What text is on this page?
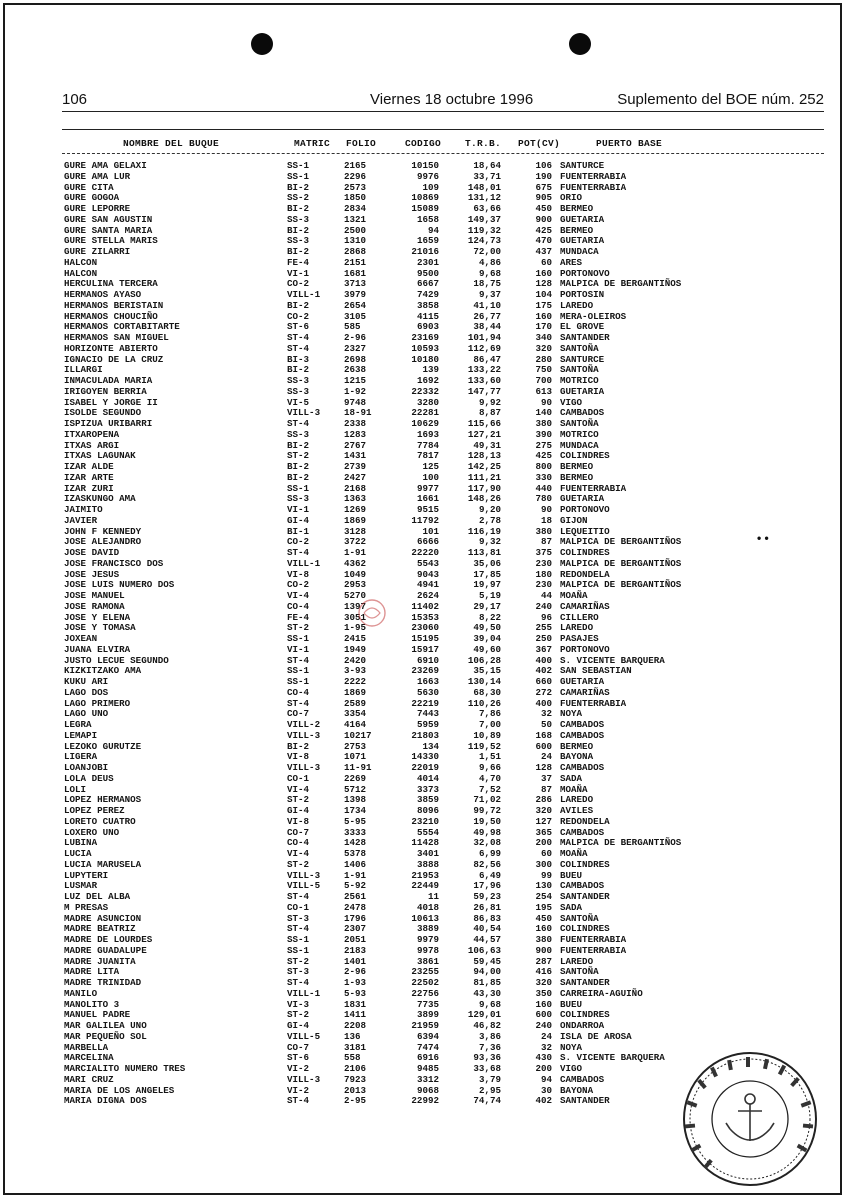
106	Viernes 18 octubre 1996	Suplemento del BOE núm. 252
NOMBRE DEL BUQUE	MATRIC FOLIO	CODIGO	T.R.B. POT(CV)	PUERTO BASE
GURE AMA GELAXI	SS-1	2165	10150	18,64	106 SANTURCE
GURE AMA LUR	SS-1	2296	9976	33,71	190 FUENTERRABIA
GURE CITA	BI-2	2573	109	148,01	675 FUENTERRABIA
GURE GOGOA	SS-2	1850	10869	131,12	905 ORIO
GURE LEPORRE	BI-2	2834	15089	63,66	450 BERMEO
GURE SAN AGUSTIN	SS-3	1321	1658	149,37	900 GUETARIA
GURE SANTA MARIA	BI-2	2500	94	119,32	425 BERMEO
GURE STELLA MARIS	SS-3	1310	1659	124,73	470 GUETARIA
GURE ZILARRI	BI-2	2868	21016	72,00	437 MUNDACA
HALCON	FE-4	2151	2301	4,86	60 ARES
HALCON	VI-1	1681	9500	9,68	160 PORTONOVO
HERCULINA TERCERA	CO-2	3713	6667	18,75	128 MALPICA DE BERGANTIÑOS
HERMANOS AYASO	VILL-1	3979	7429	9,37	104 PORTOSIN
HERMANOS BERISTAIN	BI-2	2654	3858	41,10	175 LAREDO
HERMANOS CHOUCIÑO	CO-2	3105	4115	26,77	160 MERA-OLEIROS
HERMANOS CORTABITARTE	ST-6	585	6903	38,44	170 EL GROVE
HERMANOS SAN MIGUEL	ST-4	2-96	23169	101,94	340 SANTANDER
HORIZONTE ABIERTO	ST-4	2327	10593	112,69	320 SANTOÑA
IGNACIO DE LA CRUZ	BI-3	2698	10180	86,47	280 SANTURCE
ILLARGI	BI-2	2638	139	133,22	750 SANTOÑA
INMACULADA MARIA	SS-3	1215	1692	133,60	700 MOTRICO
IRIGOYEN BERRIA	SS-3	1-92	22332	147,77	613 GUETARIA
ISABEL Y JORGE II	VI-5	9748	3280	9,92	90 VIGO
ISOLDE SEGUNDO	VILL-3	18-91	22281	8,87	140 CAMBADOS
ISPIZUA URIBARRI	ST-4	2338	10629	115,66	380 SANTOÑA
ITXAROPENA	SS-3	1283	1693	127,21	390 MOTRICO
ITXAS ARGI	BI-2	2767	7784	49,31	275 MUNDACA
ITXAS LAGUNAK	ST-2	1431	7817	128,13	425 COLINDRES
IZAR ALDE	BI-2	2739	125	142,25	800 BERMEO
IZAR ARTE	BI-2	2427	100	111,21	330 BERMEO
IZAR ZURI	SS-1	2168	9977	117,90	440 FUENTERRABIA
IZASKUNGO AMA	SS-3	1363	1661	148,26	780 GUETARIA
JAIMITO	VI-1	1269	9515	9,20	90 PORTONOVO
JAVIER	GI-4	1869	11792	2,78	18 GIJON
JOHN F KENNEDY	BI-1	3128	101	116,19	380 LEQUEITIO
JOSE ALEJANDRO	CO-2	3722	6666	9,32	87 MALPICA DE BERGANTIÑOS
JOSE DAVID	ST-4	1-91	22220	113,81	375 COLINDRES
JOSE FRANCISCO DOS	VILL-1	4362	5543	35,06	230 MALPICA DE BERGANTIÑOS
JOSE JESUS	VI-8	1049	9043	17,85	180 REDONDELA
JOSE LUIS NUMERO DOS	CO-2	2953	4941	19,97	230 MALPICA DE BERGANTIÑOS
JOSE MANUEL	VI-4	5270	2624	5,19	44 MOAÑA
JOSE RAMONA	CO-4	1397	11402	29,17	240 CAMARIÑAS
JOSE Y ELENA	FE-4	3051	15353	8,22	96 CILLERO
JOSE Y TOMASA	ST-2	1-95	23060	49,50	255 LAREDO
JOXEAN	SS-1	2415	15195	39,04	250 PASAJES
JUANA ELVIRA	VI-1	1949	15917	49,60	367 PORTONOVO
JUSTO LECUE SEGUNDO	ST-4	2420	6910	106,28	400 S. VICENTE BARQUERA
KIZKITZAKO AMA	SS-1	3-93	23269	35,15	402 SAN SEBASTIAN
KUKU ARI	SS-1	2222	1663	130,14	660 GUETARIA
LAGO DOS	CO-4	1869	5630	68,30	272 CAMARIÑAS
LAGO PRIMERO	ST-4	2589	22219	110,26	400 FUENTERRABIA
LAGO UNO	CO-7	3354	7443	7,86	32 NOYA
LEGRA	VILL-2	4164	5959	7,00	50 CAMBADOS
LEMAPI	VILL-3	10217	21803	10,89	168 CAMBADOS
LEZOKO GURUTZE	BI-2	2753	134	119,52	600 BERMEO
LIGERA	VI-8	1071	14330	1,51	24 BAYONA
LOANJOBI	VILL-3	11-91	22019	9,66	128 CAMBADOS
LOLA DEUS	CO-1	2269	4014	4,70	37 SADA
LOLI	VI-4	5712	3373	7,52	87 MOAÑA
LOPEZ HERMANOS	ST-2	1398	3859	71,02	286 LAREDO
LOPEZ PEREZ	GI-4	1734	8096	99,72	320 AVILES
LORETO CUATRO	VI-8	5-95	23210	19,50	127 REDONDELA
LOXERO UNO	CO-7	3333	5554	49,98	365 CAMBADOS
LUBINA	CO-4	1428	11428	32,08	200 MALPICA DE BERGANTIÑOS
LUCIA	VI-4	5378	3401	6,99	60 MOAÑA
LUCIA MARUSELA	ST-2	1406	3888	82,56	300 COLINDRES
LUPYTERI	VILL-3	1-91	21953	6,49	99 BUEU
LUSMAR	VILL-5	5-92	22449	17,96	130 CAMBADOS
LUZ DEL ALBA	ST-4	2561	11	59,23	254 SANTANDER
M PRESAS	CO-1	2478	4018	26,81	195 SADA
MADRE ASUNCION	ST-3	1796	10613	86,83	450 SANTOÑA
MADRE BEATRIZ	ST-4	2307	3889	40,54	160 COLINDRES
MADRE DE LOURDES	SS-1	2051	9979	44,57	380 FUENTERRABIA
MADRE GUADALUPE	SS-1	2183	9978	106,63	900 FUENTERRABIA
MADRE JUANITA	ST-2	1401	3861	59,45	287 LAREDO
MADRE LITA	ST-3	2-96	23255	94,00	416 SANTOÑA
MADRE TRINIDAD	ST-4	1-93	22502	81,85	320 SANTANDER
MANILO	VILL-1	5-93	22756	43,30	350 CARREIRA-AGUIÑO
MANOLITO 3	VI-3	1831	7735	9,68	160 BUEU
MANUEL PADRE	ST-2	1411	3899	129,01	600 COLINDRES
MAR GALILEA UNO	GI-4	2208	21959	46,82	240 ONDARROA
MAR PEQUEÑO SOL	VILL-5	136	6394	3,86	24 ISLA DE AROSA
MARBELLA	CO-7	3181	7474	7,36	32 NOYA
MARCELINA	ST-6	558	6916	93,36	430 S. VICENTE BARQUERA
MARCIALITO NUMERO TRES	VI-2	2106	9485	33,68	200 VIGO
MARI CRUZ	VILL-3	7923	3312	3,79	94 CAMBADOS
MARIA DE LOS ANGELES	VI-2	2013	9068	2,95	30 BAYONA
MARIA DIGNA DOS	ST-4	2-95	22992	74,74	402 SANTANDER
• •
